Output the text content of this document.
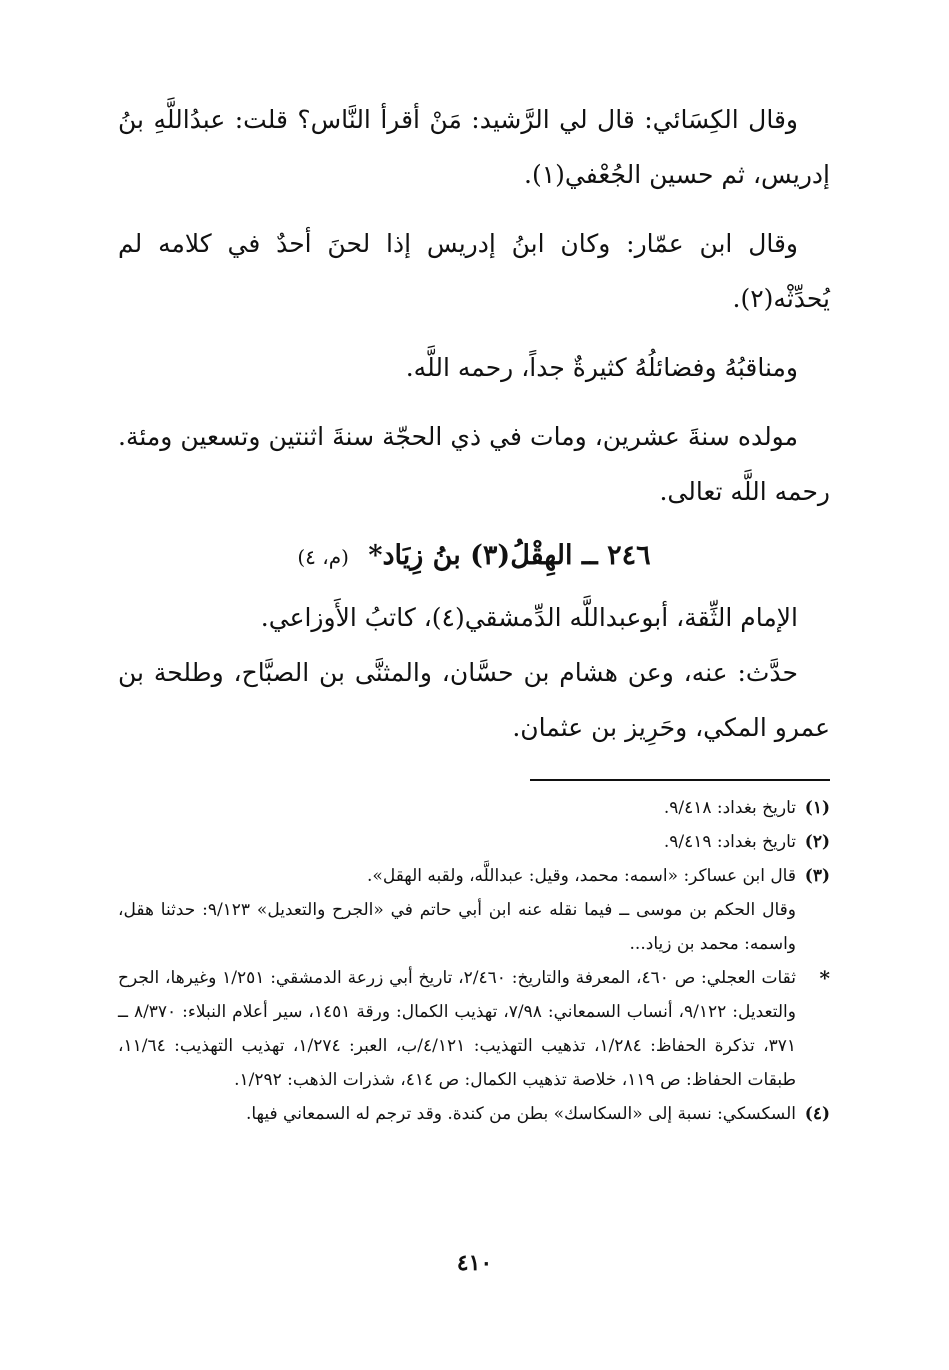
وقال الكِسَائي: قال لي الرَّشيد: مَنْ أقرأ النَّاس؟ قلت: عبدُاللَّهِ بنُ إدريس، ثم حسين الجُعْفي(١).

وقال ابن عمّار: وكان ابنُ إدريس إذا لحنَ أحدٌ في كلامه لم يُحدِّثْه(٢).

ومناقبُهُ وفضائلُهُ كثيرةٌ جداً، رحمه اللَّه.

مولده سنةَ عشرين، ومات في ذي الحجّة سنةَ اثنتين وتسعين ومئة. رحمه اللَّه تعالى.

٢٤٦ ــ الهِقْلُ(٣) بنُ زِيَاد* (م، ٤)

الإمام الثِّقة، أبوعبداللَّه الدِّمشقي(٤)، كاتبُ الأَوزاعي.

حدَّث: عنه، وعن هشام بن حسَّان، والمثنَّى بن الصبَّاح، وطلحة بن عمرو المكي، وحَرِيز بن عثمان.

(١)
تاريخ بغداد: ٩/٤١٨.
(٢)
تاريخ بغداد: ٩/٤١٩.
(٣)
قال ابن عساكر: «اسمه: محمد، وقيل: عبداللَّه، ولقبه الهقل».

وقال الحكم بن موسى ــ فيما نقله عنه ابن أبي حاتم في «الجرح والتعديل» ٩/١٢٣: حدثنا هقل، واسمه: محمد بن زياد...

*
ثقات العجلي: ص ٤٦٠، المعرفة والتاريخ: ٢/٤٦٠، تاريخ أبي زرعة الدمشقي: ١/٢٥١ وغيرها، الجرح والتعديل: ٩/١٢٢، أنساب السمعاني: ٧/٩٨، تهذيب الكمال: ورقة ١٤٥١، سير أعلام النبلاء: ٨/٣٧٠ ــ ٣٧١، تذكرة الحفاظ: ١/٢٨٤، تذهيب التهذيب: ٤/١٢١/ب، العبر: ١/٢٧٤، تهذيب التهذيب: ١١/٦٤، طبقات الحفاظ: ص ١١٩، خلاصة تذهيب الكمال: ص ٤١٤، شذرات الذهب: ١/٢٩٢.
(٤)
السكسكي: نسبة إلى «السكاسك» بطن من كندة. وقد ترجم له السمعاني فيها.
٤١٠
